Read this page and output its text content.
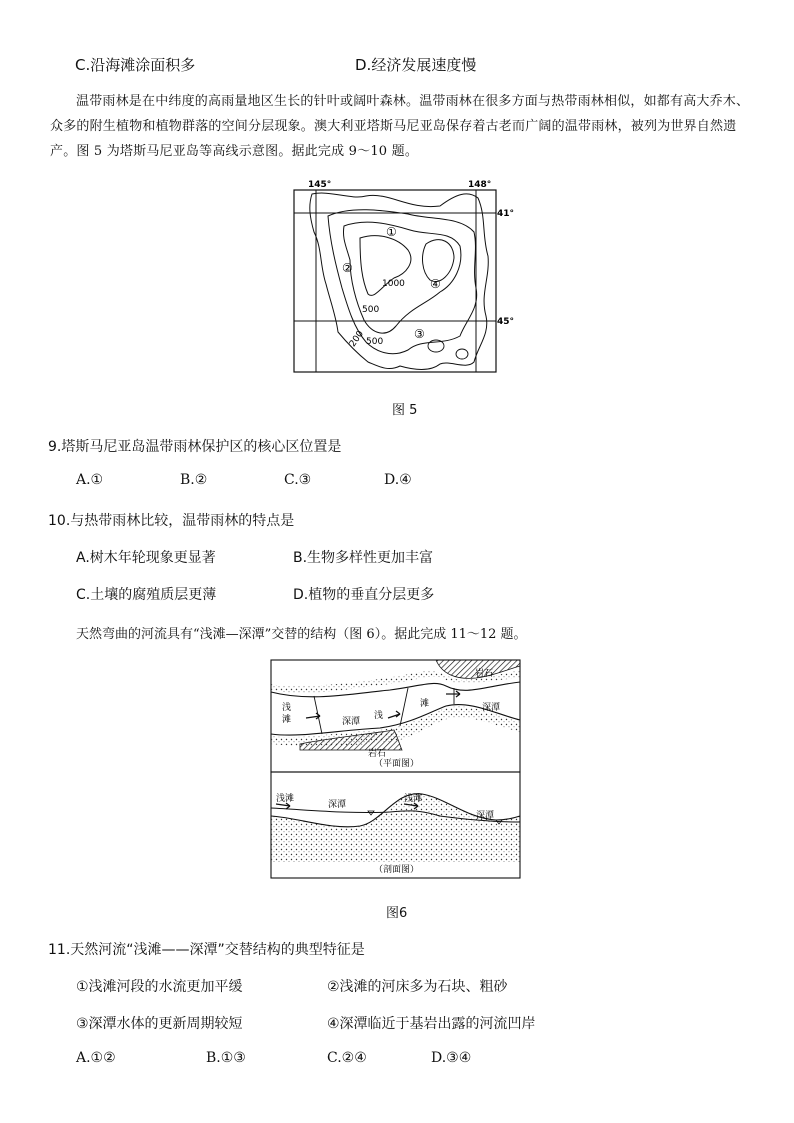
C.沿海滩涂面积多	D.经济发展速度慢
温带雨林是在中纬度的高雨量地区生长的针叶或阔叶森林。温带雨林在很多方面与热带雨林相似，如都有高大乔木、众多的附生植物和植物群落的空间分层现象。澳大利亚塔斯马尼亚岛保存着古老而广阔的温带雨林，被列为世界自然遗产。图 5 为塔斯马尼亚岛等高线示意图。据此完成 9～10 题。
145°	148°
41°
45°
1000
500
200 500
①
②
③
④
图 5
9.塔斯马尼亚岛温带雨林保护区的核心区位置是
A.①	B.②	C.③	D.④
10.与热带雨林比较，温带雨林的特点是
A.树木年轮现象更显著	B.生物多样性更加丰富
C.土壤的腐殖质层更薄	D.植物的垂直分层更多
天然弯曲的河流具有“浅滩—深潭”交替的结构（图 6）。据此完成 11～12 题。
岩石
岩石
浅
滩	深潭
浅
滩	深潭
（平面图）
浅滩
深潭
浅滩
深潭
（剖面图）
图6
11.天然河流“浅滩——深潭”交替结构的典型特征是
①浅滩河段的水流更加平缓	②浅滩的河床多为石块、粗砂
③深潭水体的更新周期较短	④深潭临近于基岩出露的河流凹岸
A.①②	B.①③	C.②④	D.③④
